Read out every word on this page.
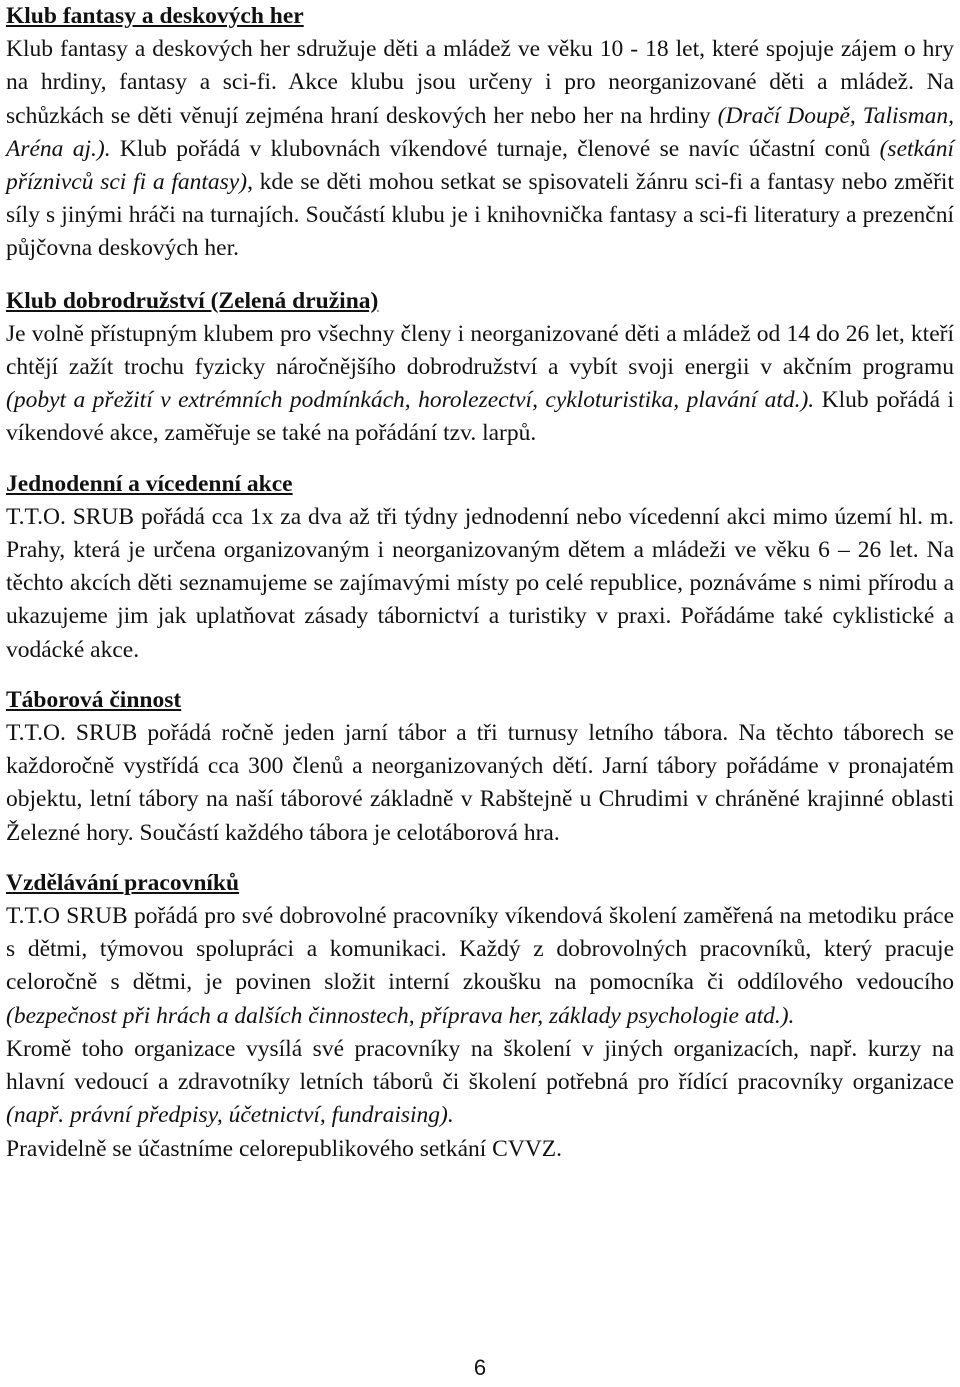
Klub fantasy a deskových her

Klub fantasy a deskových her sdružuje děti a mládež ve věku 10 - 18 let, které spojuje zájem o hry na hrdiny, fantasy a sci-fi. Akce klubu jsou určeny i pro neorganizované děti a mládež. Na schůzkách se děti věnují zejména hraní deskových her nebo her na hrdiny (Dračí Doupě, Talisman, Aréna aj.). Klub pořádá v klubovnách víkendové turnaje, členové se navíc účastní conů (setkání příznivců sci fi a fantasy), kde se děti mohou setkat se spisovateli žánru sci-fi a fantasy nebo změřit síly s jinými hráči na turnajích. Součástí klubu je i knihovnička fantasy a sci-fi literatury a prezenční půjčovna deskových her.

Klub dobrodružství (Zelená družina)

Je volně přístupným klubem pro všechny členy i neorganizované děti a mládež od 14 do 26 let, kteří chtějí zažít trochu fyzicky náročnějšího dobrodružství a vybít svoji energii v akčním programu (pobyt a přežití v extrémních podmínkách, horolezectví, cykloturistika, plavání atd.). Klub pořádá i víkendové akce, zaměřuje se také na pořádání tzv. larpů.

Jednodenní a vícedenní akce

T.T.O. SRUB pořádá cca 1x za dva až tři týdny jednodenní nebo vícedenní akci mimo území hl. m. Prahy, která je určena organizovaným i neorganizovaným dětem a mládeži ve věku 6 – 26 let. Na těchto akcích děti seznamujeme se zajímavými místy po celé republice, poznáváme s nimi přírodu a ukazujeme jim jak uplatňovat zásady tábornictví a turistiky v praxi. Pořádáme také cyklistické a vodácké akce.

Táborová činnost

T.T.O. SRUB pořádá ročně jeden jarní tábor a tři turnusy letního tábora. Na těchto táborech se každoročně vystřídá cca 300 členů a neorganizovaných dětí. Jarní tábory pořádáme v pronajatém objektu, letní tábory na naší táborové základně v Rabštejně u Chrudimi v chráněné krajinné oblasti Železné hory. Součástí každého tábora je celotáborová hra.

Vzdělávání pracovníků

T.T.O SRUB pořádá pro své dobrovolné pracovníky víkendová školení zaměřená na metodiku práce s dětmi, týmovou spolupráci a komunikaci. Každý z dobrovolných pracovníků, který pracuje celoročně s dětmi, je povinen složit interní zkoušku na pomocníka či oddílového vedoucího (bezpečnost při hrách a dalších činnostech, příprava her, základy psychologie atd.).

Kromě toho organizace vysílá své pracovníky na školení v jiných organizacích, např. kurzy na hlavní vedoucí a zdravotníky letních táborů či školení potřebná pro řídící pracovníky organizace (např. právní předpisy, účetnictví, fundraising).

Pravidelně se účastníme celorepublikového setkání CVVZ.

6
